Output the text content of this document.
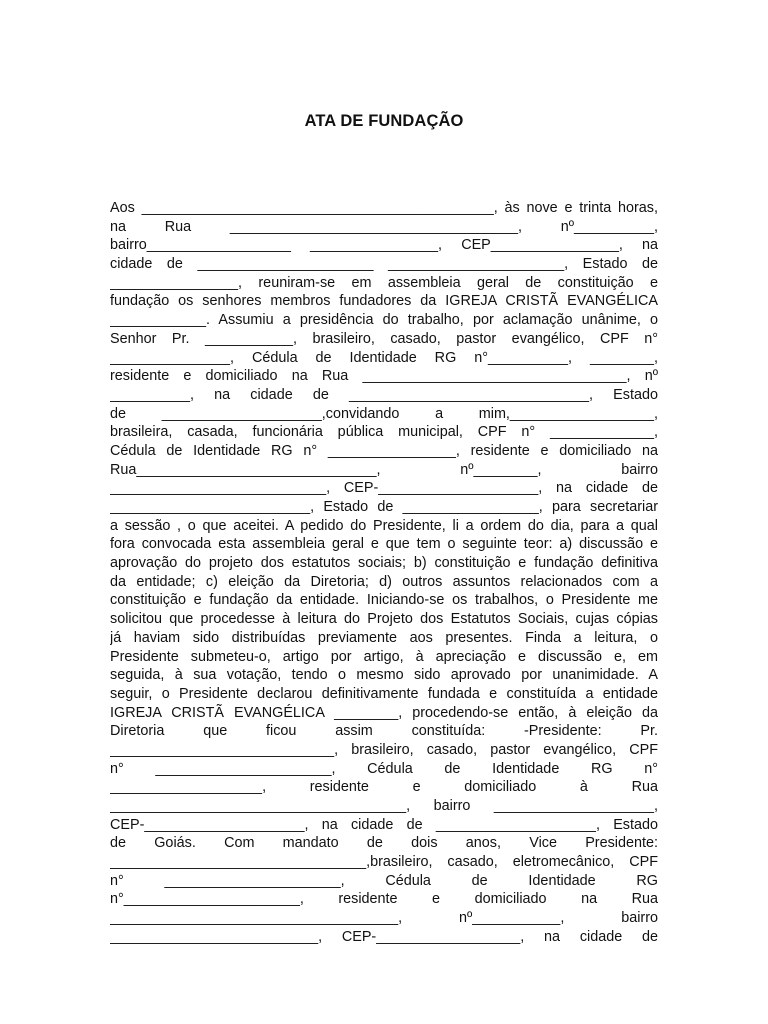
ATA DE FUNDAÇÃO
Aos ____________________________________________, às nove e trinta horas,
na Rua ____________________________________, nº__________,
bairro__________________ ________________, CEP________________, na
cidade de ______________________ ______________________, Estado de
________________, reuniram-se em assembleia geral de constituição e
fundação os senhores membros fundadores da IGREJA CRISTÃ EVANGÉLICA
____________. Assumiu a presidência do trabalho, por aclamação unânime, o
Senhor Pr. ___________, brasileiro, casado, pastor evangélico, CPF n°
_______________, Cédula de Identidade RG n°__________, ________,
residente e domiciliado na Rua _________________________________, nº
__________, na cidade de ______________________________, Estado
de ____________________,convidando a mim,__________________,
brasileira, casada, funcionária pública municipal, CPF n° _____________,
Cédula de Identidade RG n° ________________, residente e domiciliado na
Rua______________________________, nº________, bairro
___________________________, CEP-____________________, na cidade de
_________________________, Estado de _________________, para secretariar
a sessão , o que aceitei. A pedido do Presidente, li a ordem do dia, para a qual
fora convocada esta assembleia geral e que tem o seguinte teor: a) discussão e
aprovação do projeto dos estatutos sociais; b) constituição e fundação definitiva
da entidade; c) eleição da Diretoria; d) outros assuntos relacionados com a
constituição e fundação da entidade. Iniciando-se os trabalhos, o Presidente me
solicitou que procedesse à leitura do Projeto dos Estatutos Sociais, cujas cópias
já haviam sido distribuídas previamente aos presentes. Finda a leitura, o
Presidente submeteu-o, artigo por artigo, à apreciação e discussão e, em
seguida, à sua votação, tendo o mesmo sido aprovado por unanimidade. A
seguir, o Presidente declarou definitivamente fundada e constituída a entidade
IGREJA CRISTÃ EVANGÉLICA ________, procedendo-se então, à eleição da
Diretoria que ficou assim constituída: -Presidente: Pr.
____________________________, brasileiro, casado, pastor evangélico, CPF
n° ______________________, Cédula de Identidade RG n°
___________________, residente e domiciliado à Rua
_____________________________________, bairro ____________________,
CEP-____________________, na cidade de ____________________, Estado
de Goiás. Com mandato de dois anos, Vice Presidente:
________________________________,brasileiro, casado, eletromecânico, CPF
n° ______________________, Cédula de Identidade RG
n°______________________, residente e domiciliado na Rua
____________________________________, nº___________, bairro
__________________________, CEP-__________________, na cidade de
